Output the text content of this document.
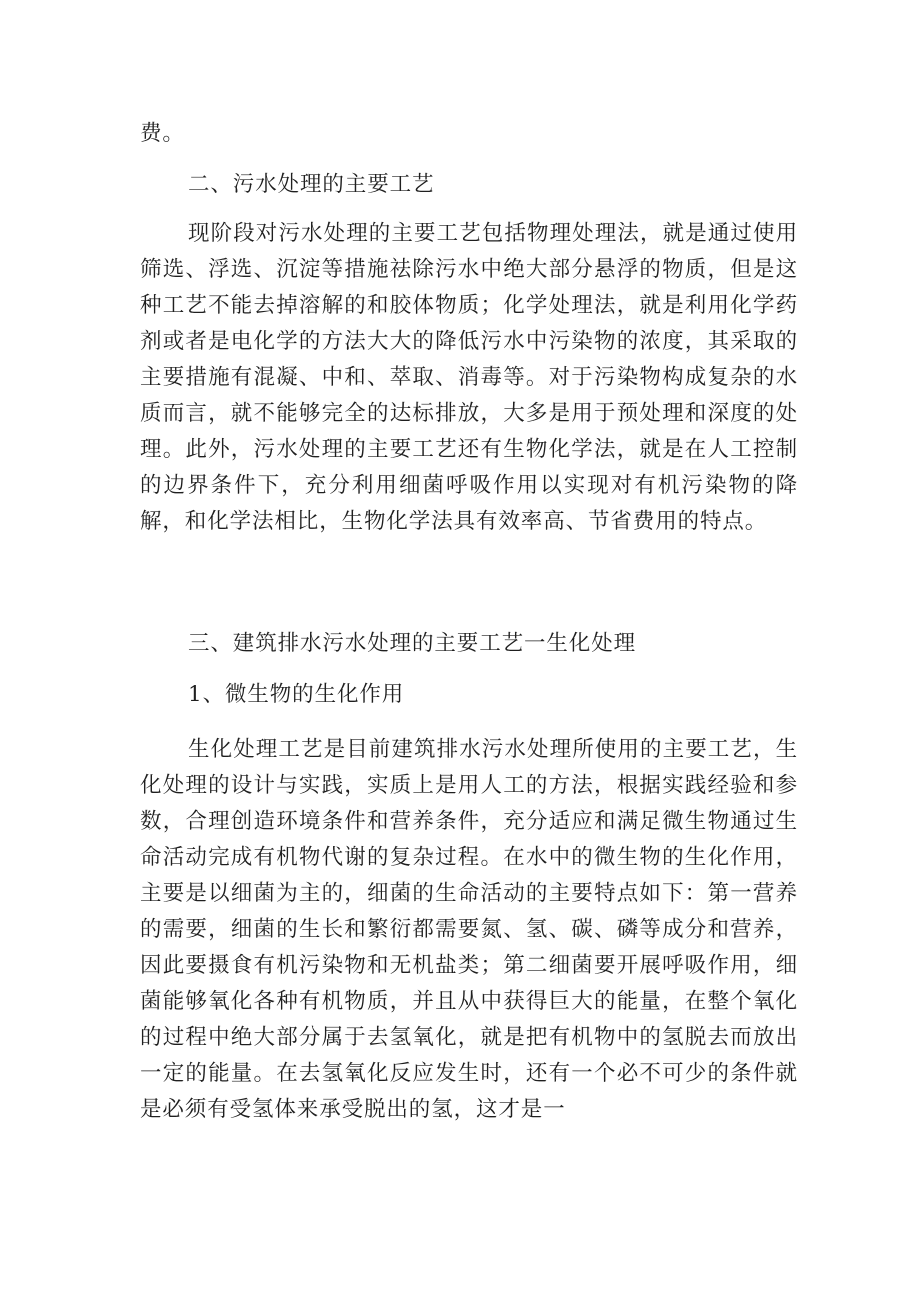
费。

二、污水处理的主要工艺

现阶段对污水处理的主要工艺包括物理处理法，就是通过使用筛选、浮选、沉淀等措施祛除污水中绝大部分悬浮的物质，但是这种工艺不能去掉溶解的和胶体物质；化学处理法，就是利用化学药剂或者是电化学的方法大大的降低污水中污染物的浓度，其采取的主要措施有混凝、中和、萃取、消毒等。对于污染物构成复杂的水质而言，就不能够完全的达标排放，大多是用于预处理和深度的处理。此外，污水处理的主要工艺还有生物化学法，就是在人工控制的边界条件下，充分利用细菌呼吸作用以实现对有机污染物的降解，和化学法相比，生物化学法具有效率高、节省费用的特点。

三、建筑排水污水处理的主要工艺一生化处理

1、微生物的生化作用

生化处理工艺是目前建筑排水污水处理所使用的主要工艺，生化处理的设计与实践，实质上是用人工的方法，根据实践经验和参数，合理创造环境条件和营养条件，充分适应和满足微生物通过生命活动完成有机物代谢的复杂过程。在水中的微生物的生化作用，主要是以细菌为主的，细菌的生命活动的主要特点如下：第一营养的需要，细菌的生长和繁衍都需要氮、氢、碳、磷等成分和营养，因此要摄食有机污染物和无机盐类；第二细菌要开展呼吸作用，细菌能够氧化各种有机物质，并且从中获得巨大的能量，在整个氧化的过程中绝大部分属于去氢氧化，就是把有机物中的氢脱去而放出一定的能量。在去氢氧化反应发生时，还有一个必不可少的条件就是必须有受氢体来承受脱出的氢，这才是一
